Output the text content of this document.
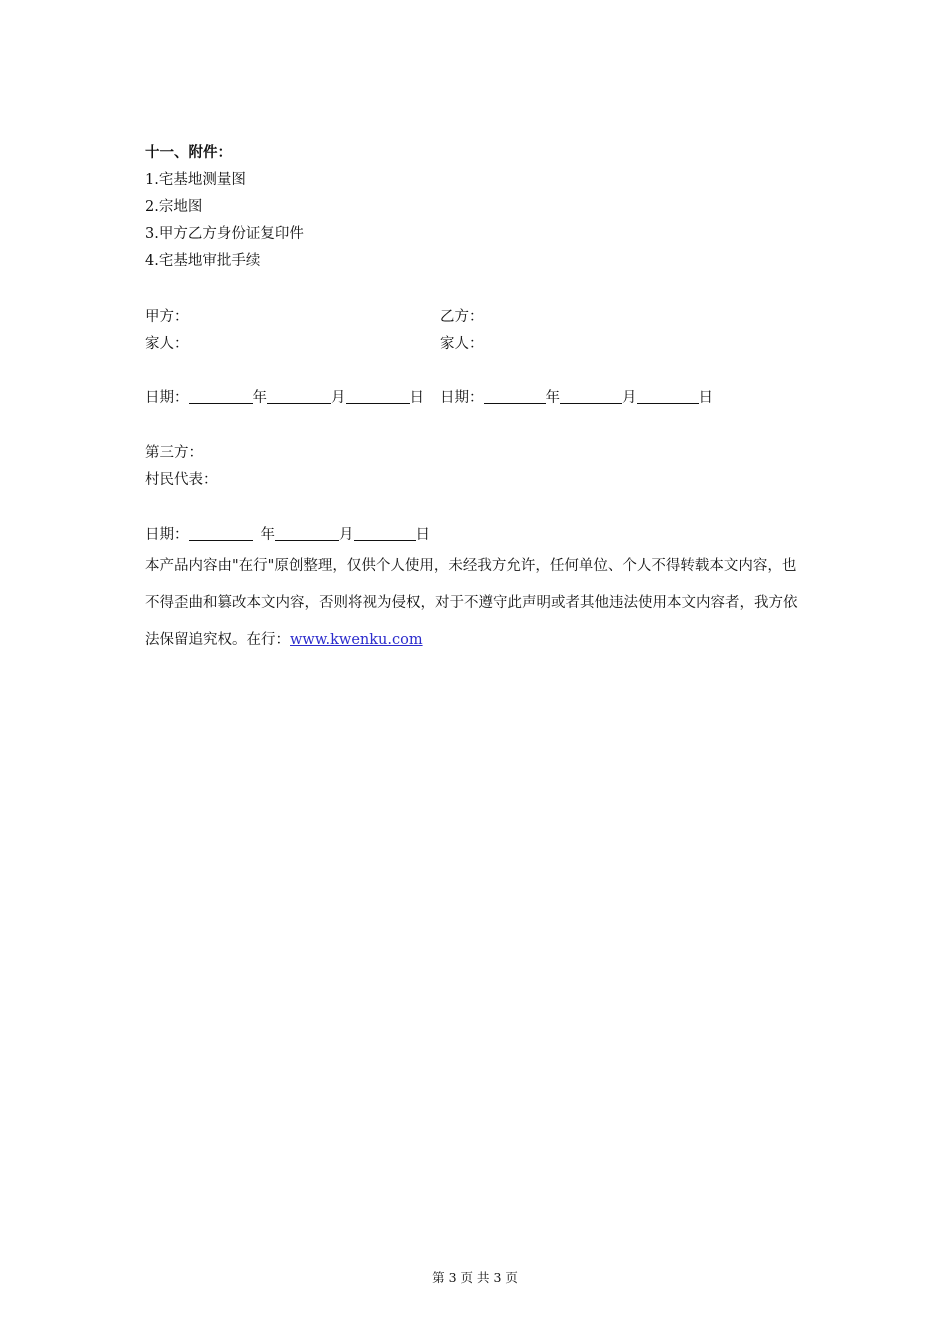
十一、附件：
1.宅基地测量图
2.宗地图
3.甲方乙方身份证复印件
4.宅基地审批手续
甲方：	乙方：
家人：	家人：
日期：	年	月	日 日期：	年	月	日
第三方：
村民代表：
日期：	年	月	日
本产品内容由"在行"原创整理，仅供个人使用，未经我方允许，任何单位、个人不得转载本文内容，也不得歪曲和篡改本文内容，否则将视为侵权，对于不遵守此声明或者其他违法使用本文内容者，我方依法保留追究权。在行：www.kwenku.com
第 3 页 共 3 页
